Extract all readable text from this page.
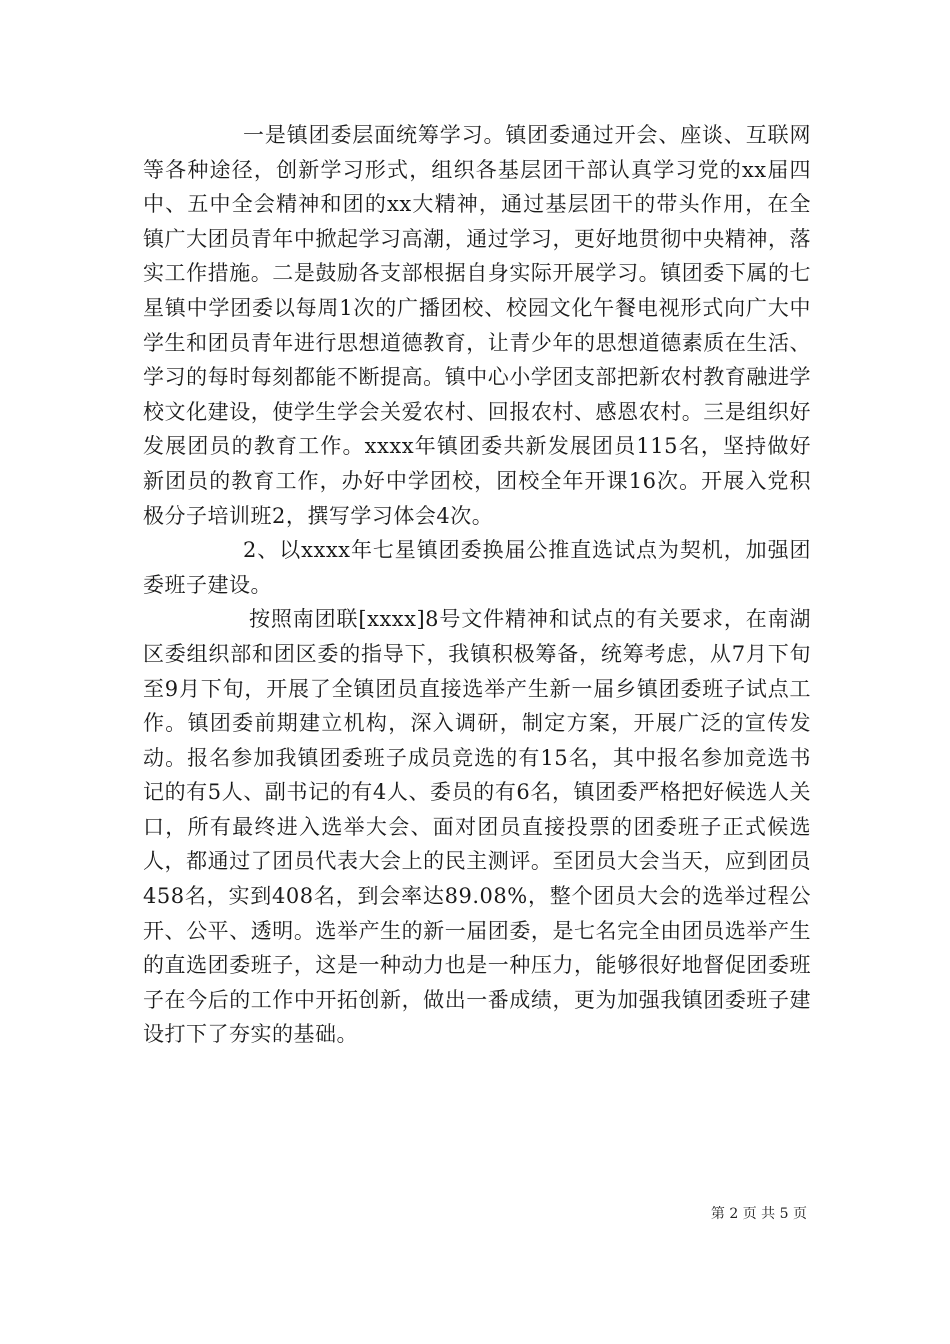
一是镇团委层面统筹学习。镇团委通过开会、座谈、互联网等各种途径，创新学习形式，组织各基层团干部认真学习党的xx届四中、五中全会精神和团的xx大精神，通过基层团干的带头作用，在全镇广大团员青年中掀起学习高潮，通过学习，更好地贯彻中央精神，落实工作措施。二是鼓励各支部根据自身实际开展学习。镇团委下属的七星镇中学团委以每周1次的广播团校、校园文化午餐电视形式向广大中学生和团员青年进行思想道德教育，让青少年的思想道德素质在生活、学习的每时每刻都能不断提高。镇中心小学团支部把新农村教育融进学校文化建设，使学生学会关爱农村、回报农村、感恩农村。三是组织好发展团员的教育工作。xxxx年镇团委共新发展团员115名，坚持做好新团员的教育工作，办好中学团校，团校全年开课16次。开展入党积极分子培训班2，撰写学习体会4次。

2、以xxxx年七星镇团委换届公推直选试点为契机，加强团委班子建设。

按照南团联[xxxx]8号文件精神和试点的有关要求，在南湖区委组织部和团区委的指导下，我镇积极筹备，统筹考虑，从7月下旬至9月下旬，开展了全镇团员直接选举产生新一届乡镇团委班子试点工作。镇团委前期建立机构，深入调研，制定方案，开展广泛的宣传发动。报名参加我镇团委班子成员竞选的有15名，其中报名参加竞选书记的有5人、副书记的有4人、委员的有6名，镇团委严格把好候选人关口，所有最终进入选举大会、面对团员直接投票的团委班子正式候选人，都通过了团员代表大会上的民主测评。至团员大会当天，应到团员458名，实到408名，到会率达89.08%，整个团员大会的选举过程公开、公平、透明。选举产生的新一届团委，是七名完全由团员选举产生的直选团委班子，这是一种动力也是一种压力，能够很好地督促团委班子在今后的工作中开拓创新，做出一番成绩，更为加强我镇团委班子建设打下了夯实的基础。

第 2 页 共 5 页
